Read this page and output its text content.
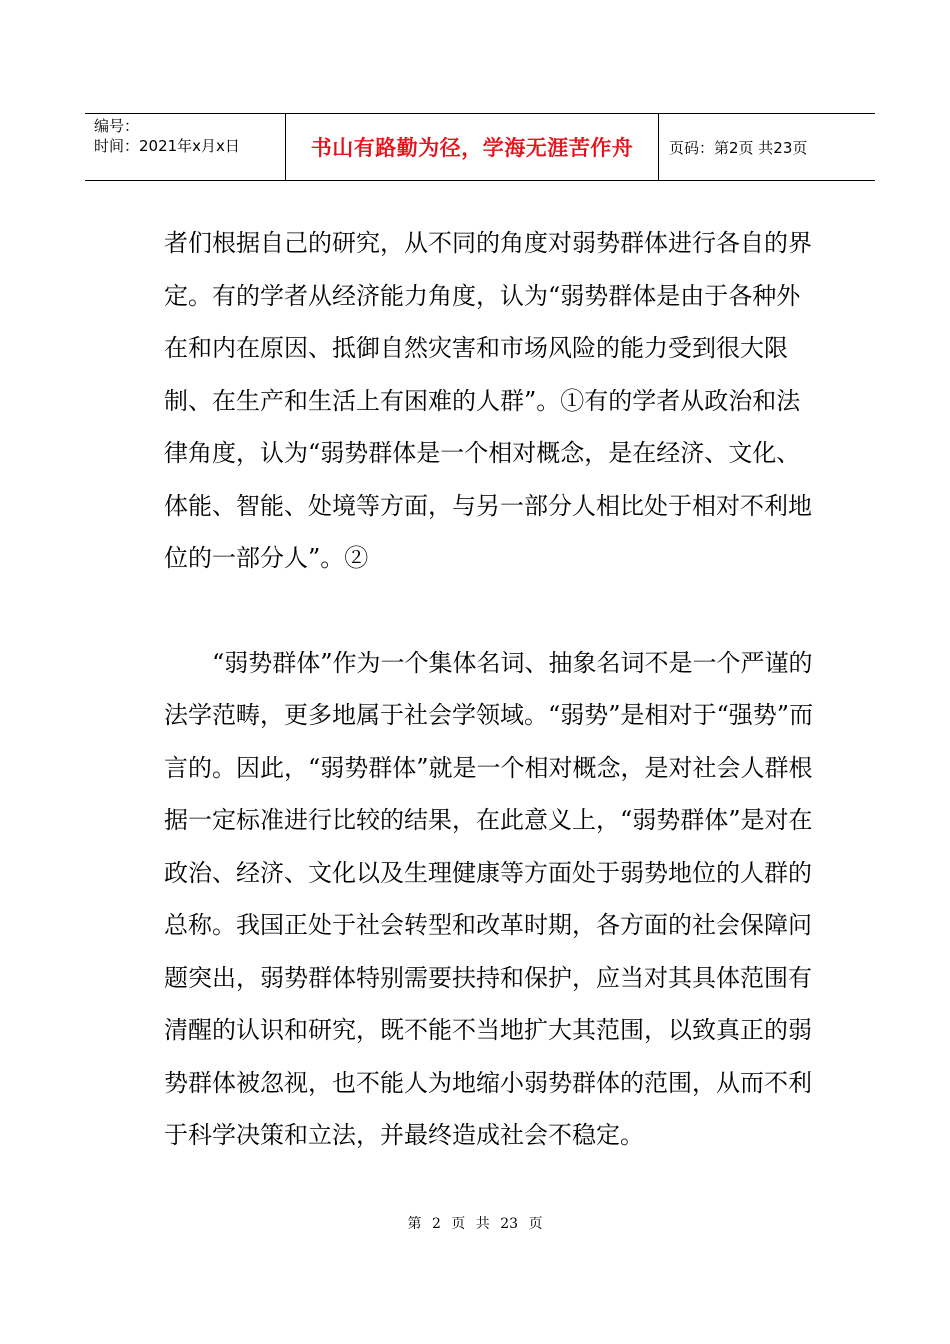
编号：
时间：2021年x月x日	书山有路勤为径，学海无涯苦作舟	页码：第2页 共23页

者们根据自己的研究，从不同的角度对弱势群体进行各自的界定。有的学者从经济能力角度，认为“弱势群体是由于各种外在和内在原因、抵御自然灾害和市场风险的能力受到很大限制、在生产和生活上有困难的人群”。①有的学者从政治和法律角度，认为“弱势群体是一个相对概念，是在经济、文化、体能、智能、处境等方面，与另一部分人相比处于相对不利地位的一部分人”。②

“弱势群体”作为一个集体名词、抽象名词不是一个严谨的法学范畴，更多地属于社会学领域。“弱势”是相对于“强势”而言的。因此，“弱势群体”就是一个相对概念，是对社会人群根据一定标准进行比较的结果，在此意义上，“弱势群体”是对在政治、经济、文化以及生理健康等方面处于弱势地位的人群的总称。我国正处于社会转型和改革时期，各方面的社会保障问题突出，弱势群体特别需要扶持和保护，应当对其具体范围有清醒的认识和研究，既不能不当地扩大其范围，以致真正的弱势群体被忽视，也不能人为地缩小弱势群体的范围，从而不利于科学决策和立法，并最终造成社会不稳定。

第 2 页 共 23 页
